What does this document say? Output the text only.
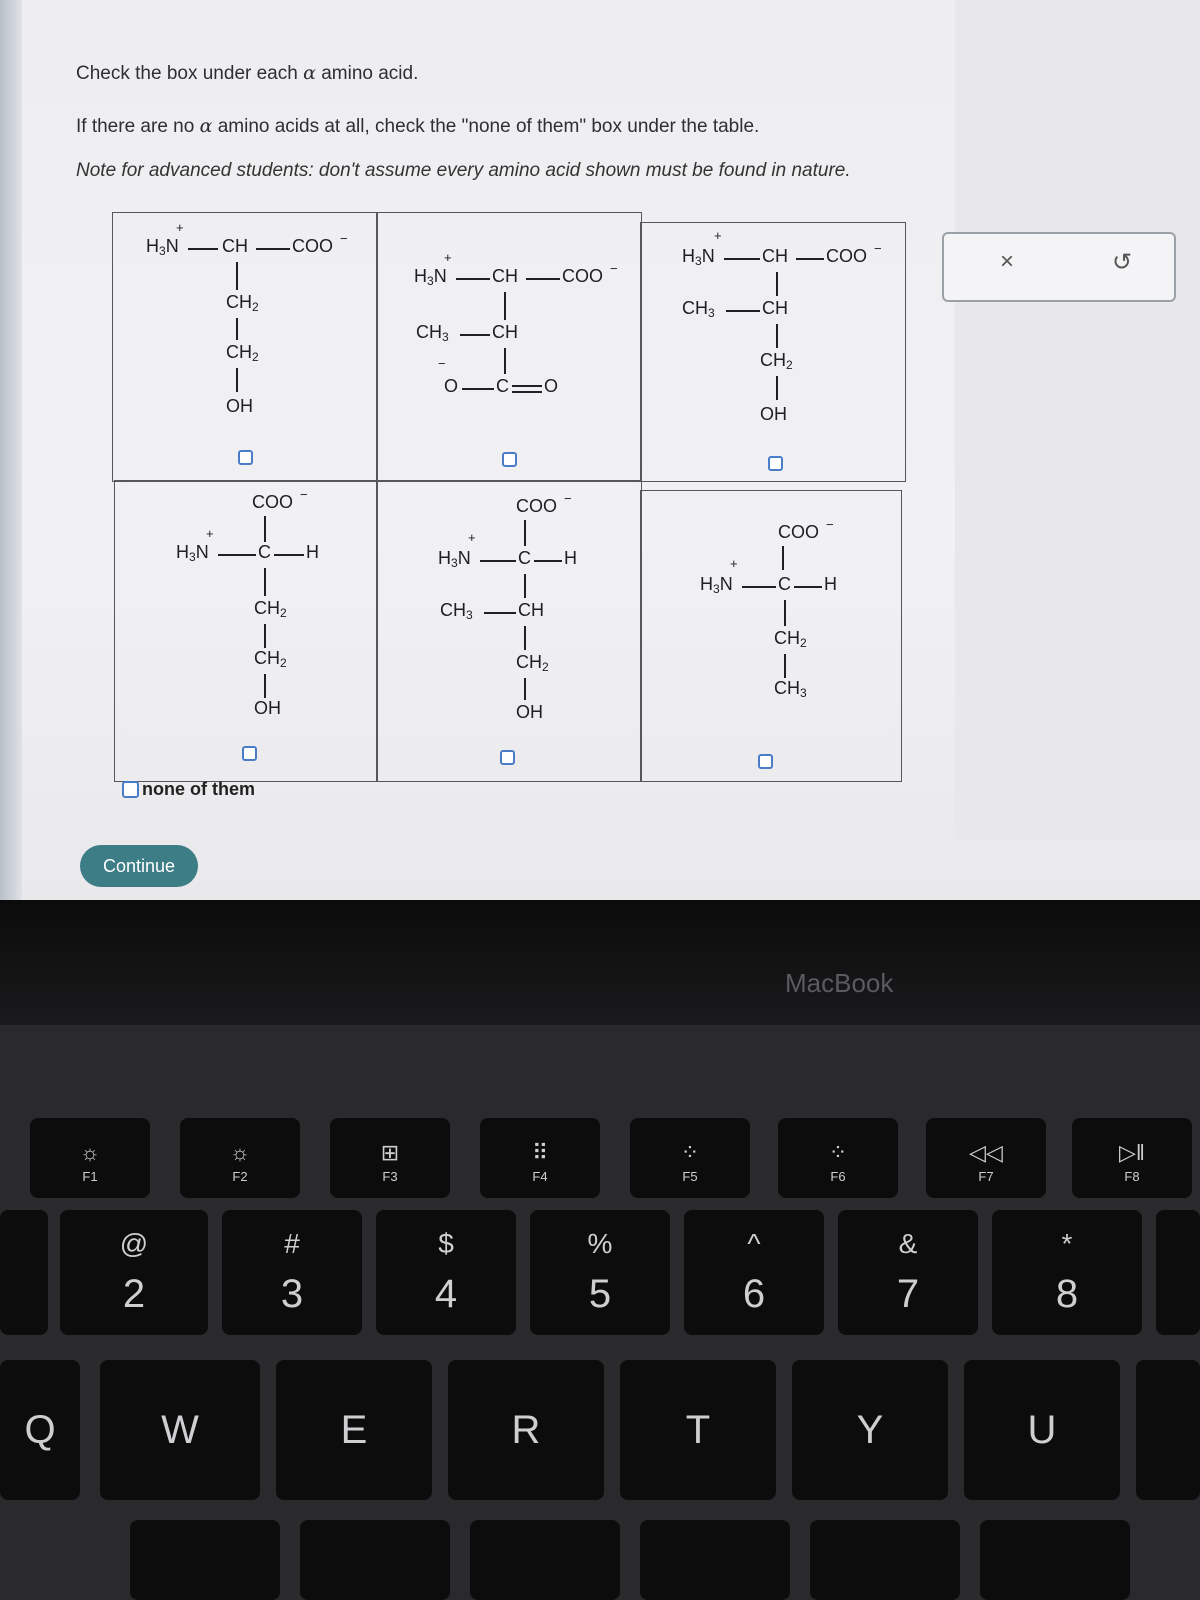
Check the box under each α amino acid.
If there are no α amino acids at all, check the "none of them" box under the table.
Note for advanced students: don't assume every amino acid shown must be found in nature.
+
$H_3N$ CH COO −
$CH_2$
$CH_2$
OH
+
$H_3N$	CH COO −
$CH_3$ CH
−
O C O
+
$H_3N$	CH COO −
$CH_3$	CH
$CH_2$
OH
COO −
+
$H_3N$	C H
$CH_2$
$CH_2$
OH
COO −
+
$H_3N$	C H
$CH_3$	CH
$CH_2$
OH
COO −
+
$H_3N$	C H
$CH_2$
$CH_3$
none of them
Continue
×	↺
MacBook
☼
F1
☼
F2
⊞
F3
⠿
F4
⁘
F5
⁘
F6
◁◁
F7
▷‖
F8
@
2
#
3
$
4
%
5
^
6
&
7
*
8
Q	W	E	R	T	Y	U
